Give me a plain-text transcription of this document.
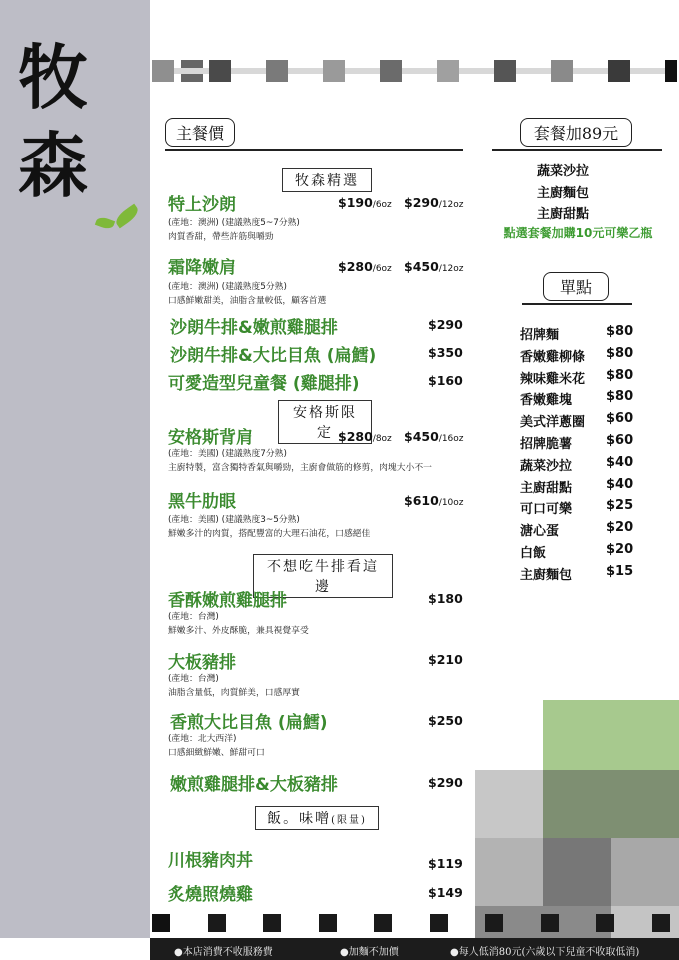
牧
森	主餐價
牧森精選
安格斯限定
不想吃牛排看這邊
飯。味噌(限量)
特上沙朗	$190/6oz $290/12oz
(產地：澳洲) (建議熟度5~7分熟)
肉質香甜，帶些許筋與嚼勁
霜降嫩肩	$280/6oz $450/12oz
(產地：澳洲) (建議熟度5分熟)
口感鮮嫩甜美，油脂含量較低，顧客首選
沙朗牛排&嫩煎雞腿排	$290
沙朗牛排&大比目魚 (扁鱈)	$350
可愛造型兒童餐 (雞腿排)	$160
安格斯背肩	$280/8oz $450/16oz
(產地：美國) (建議熟度7分熟)
主廚特製，富含獨特香氣與嚼勁，主廚會做筋的修剪，肉塊大小不一
黑牛肋眼	$610/10oz
(產地：美國) (建議熟度3~5分熟)
鮮嫩多汁的肉質，搭配豐富的大理石油花，口感絕佳
香酥嫩煎雞腿排	$180
(產地：台灣)
鮮嫩多汁、外皮酥脆，兼具視覺享受
大板豬排	$210
(產地：台灣)
油脂含量低，肉質鮮美，口感厚實
香煎大比目魚 (扁鱈)	$250
(產地：北大西洋)
口感細緻鮮嫩、鮮甜可口
嫩煎雞腿排&大板豬排	$290
川根豬肉丼	$119
炙燒照燒雞	$149
套餐加89元
蔬菜沙拉
主廚麵包
主廚甜點
點選套餐加購10元可樂乙瓶
單點
招牌麵	$80
香嫩雞柳條 $80
辣味雞米花 $80
香嫩雞塊	$80
美式洋蔥圈 $60
招牌脆薯	$60
蔬菜沙拉	$40
主廚甜點	$40
可口可樂	$25
溏心蛋	$20
白飯	$20
主廚麵包	$15
●本店消費不收服務費	●加麵不加價	●每人低消80元(六歲以下兒童不收取低消)
